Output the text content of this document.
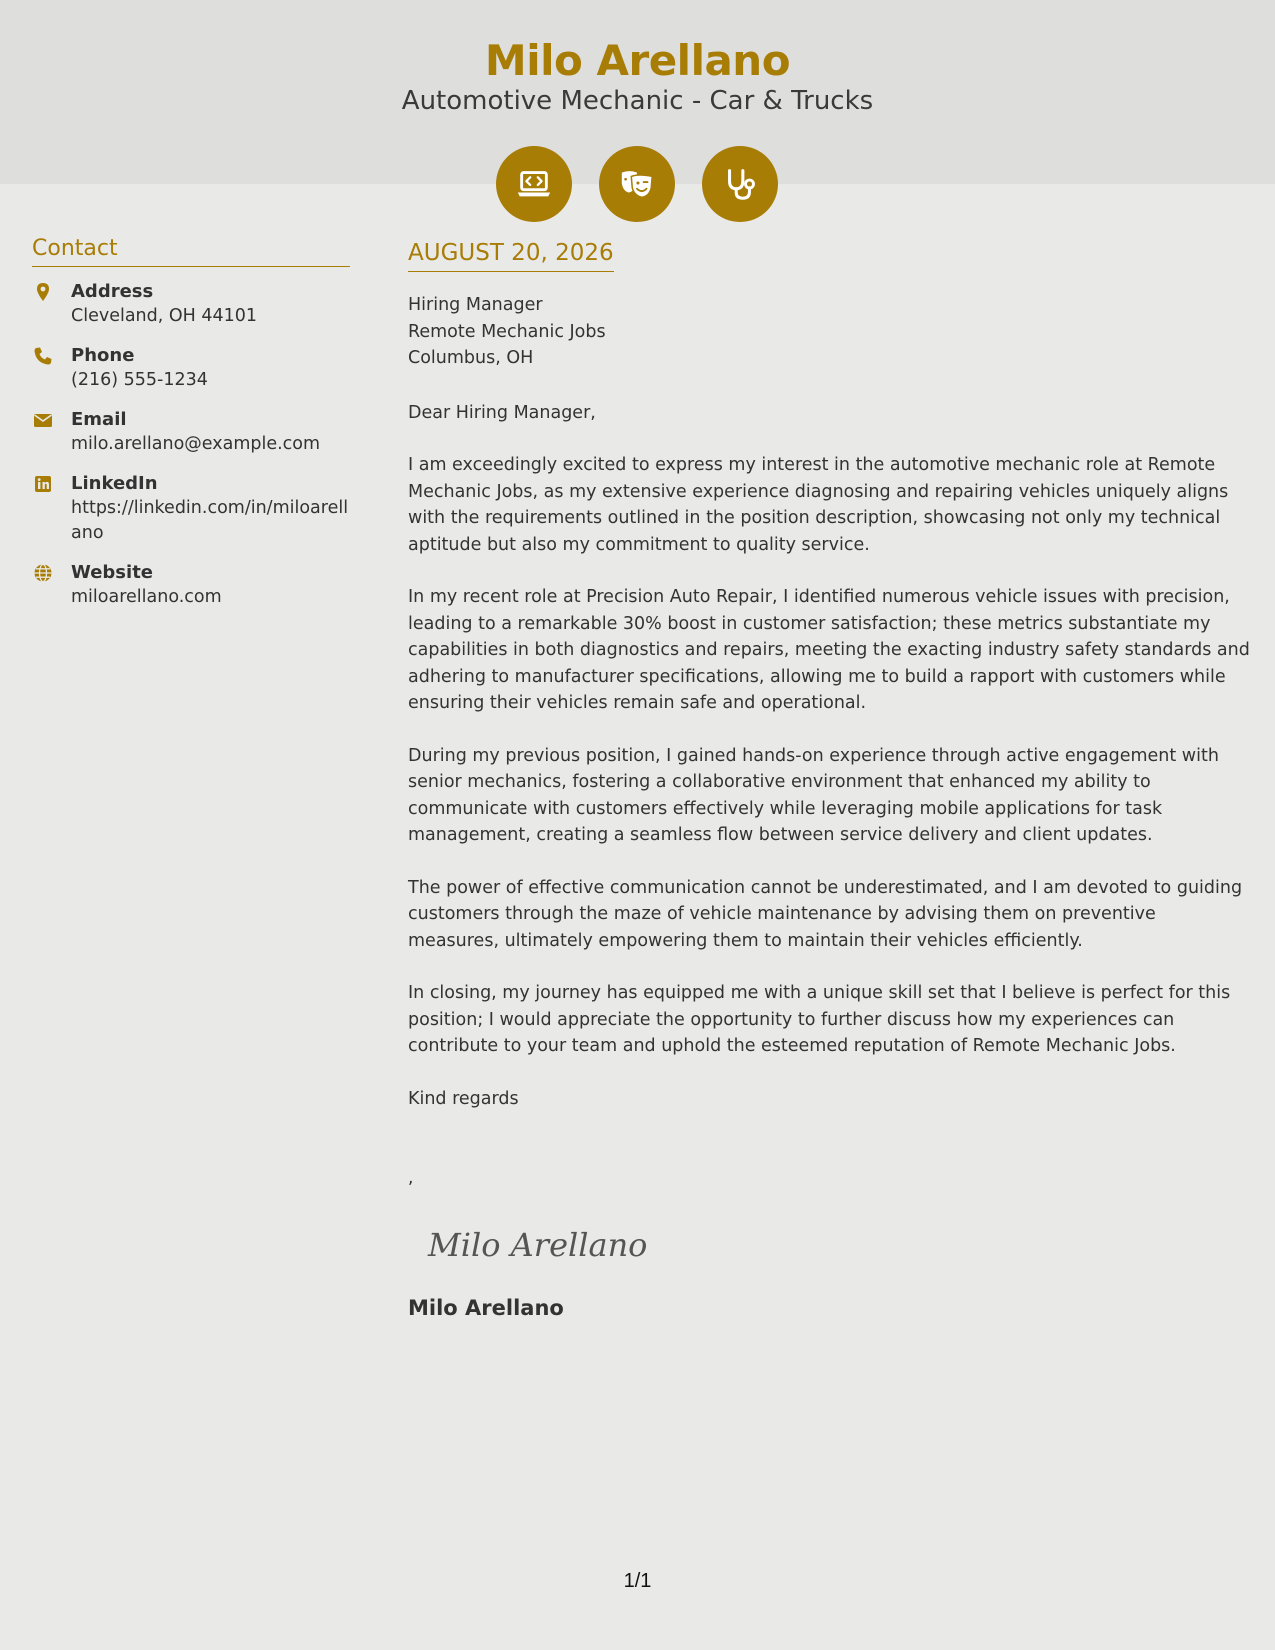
Milo Arellano
Automotive Mechanic - Car & Trucks
Contact
Address
Cleveland, OH 44101
Phone
(216) 555-1234
Email
milo.arellano@example.com
LinkedIn
https://linkedin.com/in/miloarellano
Website
miloarellano.com
AUGUST 20, 2026
Hiring Manager
Remote Mechanic Jobs
Columbus, OH
Dear Hiring Manager,
I am exceedingly excited to express my interest in the automotive mechanic role at Remote Mechanic Jobs, as my extensive experience diagnosing and repairing vehicles uniquely aligns with the requirements outlined in the position description, showcasing not only my technical aptitude but also my commitment to quality service.
In my recent role at Precision Auto Repair, I identified numerous vehicle issues with precision, leading to a remarkable 30% boost in customer satisfaction; these metrics substantiate my capabilities in both diagnostics and repairs, meeting the exacting industry safety standards and adhering to manufacturer specifications, allowing me to build a rapport with customers while ensuring their vehicles remain safe and operational.
During my previous position, I gained hands-on experience through active engagement with senior mechanics, fostering a collaborative environment that enhanced my ability to communicate with customers effectively while leveraging mobile applications for task management, creating a seamless flow between service delivery and client updates.
The power of effective communication cannot be underestimated, and I am devoted to guiding customers through the maze of vehicle maintenance by advising them on preventive measures, ultimately empowering them to maintain their vehicles efficiently.
In closing, my journey has equipped me with a unique skill set that I believe is perfect for this position; I would appreciate the opportunity to further discuss how my experiences can contribute to your team and uphold the esteemed reputation of Remote Mechanic Jobs.
Kind regards
,
Milo Arellano
Milo Arellano
1/1
